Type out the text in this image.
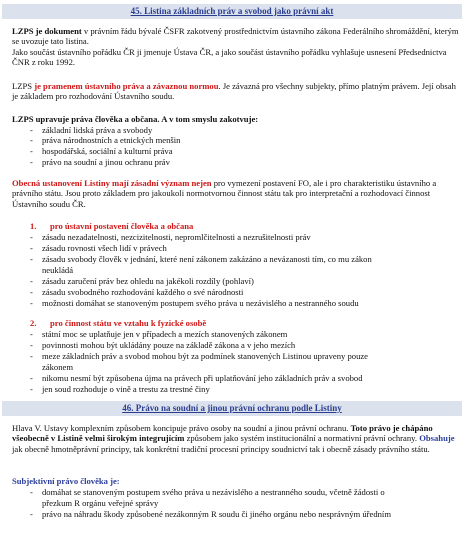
45. Listina základních práv a svobod jako právní akt

LZPS je dokument v právním řádu bývalé ČSFR zakotvený prostřednictvím ústavního zákona Federálního shromáždění, kterým se uvozuje tato listina.
Jako součást ústavního pořádku ČR ji jmenuje Ústava ČR, a jako součást ústavního pořádku vyhlašuje usnesení Předsednictva ČNR z roku 1992.

LZPS je pramenem ústavního práva a závaznou normou. Je závazná pro všechny subjekty, přímo platným právem. Její obsah je základem pro rozhodování Ústavního soudu.

LZPS upravuje práva člověka a občana. A v tom smyslu zakotvuje:

-	základní lidská práva a svobody
-	práva národnostních a etnických menšin
-	hospodářská, sociální a kulturní práva
-	právo na soudní a jinou ochranu práv

Obecná ustanovení Listiny mají zásadní význam nejen pro vymezení postavení FO, ale i pro charakteristiku ústavního a právního státu. Jsou proto základem pro jakoukoli normotvornou činnost státu tak pro interpretační a rozhodovací činnost Ústavního soudu ČR.

1. pro ústavní postavení člověka a občana
-	zásadu nezadatelnosti, nezcizitelnosti, nepromlčitelnosti a nezrušitelnosti práv
-	zásadu rovnosti všech lidí v právech
-	zásadu svobody člověk v jednání, které není zákonem zakázáno a nevázanosti tím, co mu zákon
neukládá
-	zásadu zaručení práv bez ohledu na jakékoli rozdíly (pohlaví)
-	zásadu svobodného rozhodování každého o své národnosti
-	možnosti domáhat se stanoveným postupem svého práva u nezávislého a nestranného soudu
2. pro činnost státu ve vztahu k fyzické osobě
-	státní moc se uplatňuje jen v případech a mezích stanovených zákonem
-	povinnosti mohou být ukládány pouze na základě zákona a v jeho mezích
-	meze základních práv a svobod mohou být za podmínek stanovených Listinou upraveny pouze
zákonem
-	nikomu nesmí být způsobena újma na právech při uplatňování jeho základních práv a svobod
-	jen soud rozhoduje o vině a trestu za trestné činy
46. Právo na soudní a jinou právní ochranu podle Listiny

Hlava V. Ustavy komplexním způsobem koncipuje právo osoby na soudní a jinou právní ochranu. Toto právo je chápáno všeobecně v Listině velmi širokým integrujícím způsobem jako systém institucionální a normativní právní ochrany. Obsahuje jak obecně hmotněprávní principy, tak konkrétní tradiční procesní principy soudnictví tak i obecně zásady právního státu.

Subjektivní právo člověka je:

-	domáhat se stanoveným postupem svého práva u nezávislého a nestranného soudu, včetně žádosti o
přezkum R orgánu veřejné správy
-	právo na náhradu škody způsobené nezákonným R soudu či jiného orgánu nebo nesprávným úředním
